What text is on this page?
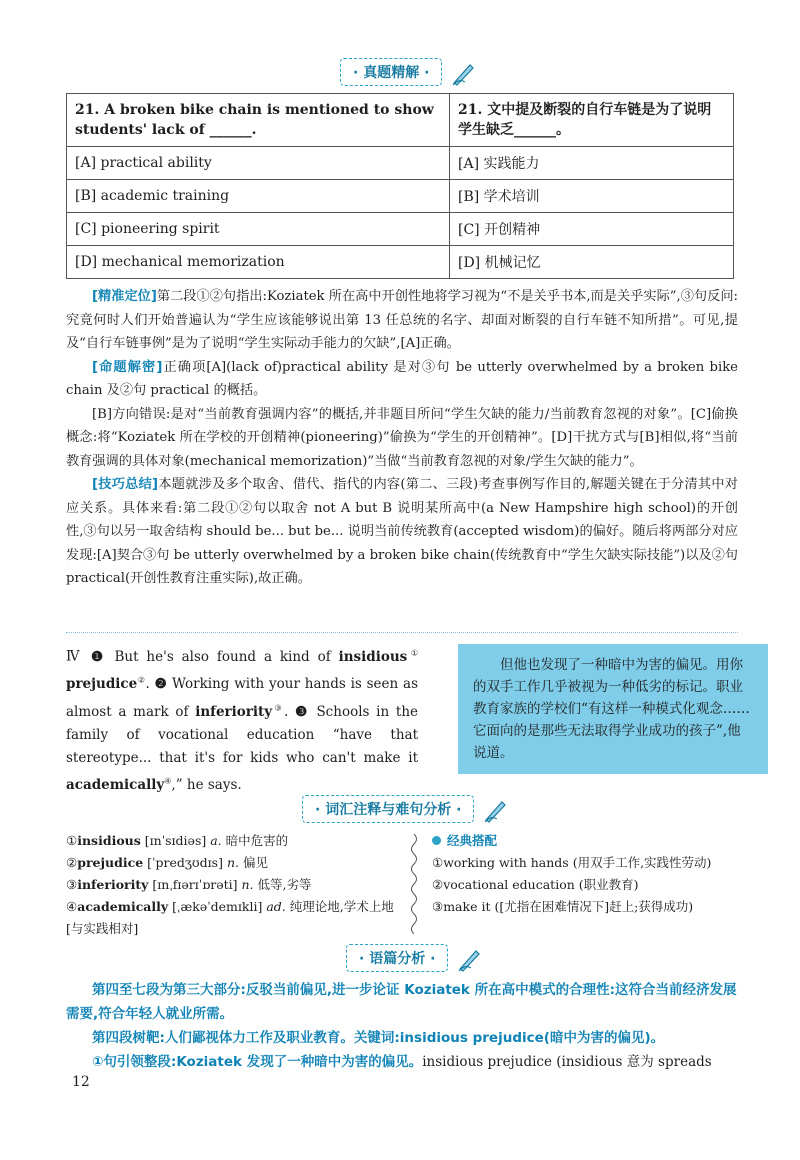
· 真题精解 ·
21. A broken bike chain is mentioned to show students' lack of ______.	21. 文中提及断裂的自行车链是为了说明学生缺乏______。
[A] practical ability	[A] 实践能力
[B] academic training	[B] 学术培训
[C] pioneering spirit	[C] 开创精神
[D] mechanical memorization	[D] 机械记忆
[精准定位]第二段①②句指出:Koziatek 所在高中开创性地将学习视为“不是关乎书本,而是关乎实际”,③句反问:究竟何时人们开始普遍认为“学生应该能够说出第 13 任总统的名字、却面对断裂的自行车链不知所措”。可见,提及“自行车链事例”是为了说明“学生实际动手能力的欠缺”,[A]正确。
[命题解密]正确项[A](lack of)practical ability 是对③句 be utterly overwhelmed by a broken bike chain 及②句 practical 的概括。
[B]方向错误:是对“当前教育强调内容”的概括,并非题目所问“学生欠缺的能力/当前教育忽视的对象”。[C]偷换概念:将“Koziatek 所在学校的开创精神(pioneering)”偷换为“学生的开创精神”。[D]干扰方式与[B]相似,将“当前教育强调的具体对象(mechanical memorization)”当做“当前教育忽视的对象/学生欠缺的能力”。
[技巧总结]本题就涉及多个取舍、借代、指代的内容(第二、三段)考查事例写作目的,解题关键在于分清其中对应关系。具体来看:第二段①②句以取舍 not A but B 说明某所高中(a New Hampshire high school)的开创性,③句以另一取舍结构 should be... but be... 说明当前传统教育(accepted wisdom)的偏好。随后将两部分对应发现:[A]契合③句 be utterly overwhelmed by a broken bike chain(传统教育中“学生欠缺实际技能”)以及②句 practical(开创性教育注重实际),故正确。
Ⅳ ❶ But he's also found a kind of insidious① prejudice②. ❷ Working with your hands is seen as almost a mark of inferiority③. ❸ Schools in the family of vocational education “have that stereotype... that it's for kids who can't make it academically④,” he says.
但他也发现了一种暗中为害的偏见。用你的双手工作几乎被视为一种低劣的标记。职业教育家族的学校们“有这样一种模式化观念……它面向的是那些无法取得学业成功的孩子”,他说道。
· 词汇注释与难句分析 ·
①insidious [ɪnˈsɪdiəs] a. 暗中危害的
②prejudice [ˈpredʒʊdɪs] n. 偏见
③inferiority [ɪnˌfɪərɪˈɒrəti] n. 低等,劣等
④academically [ˌækəˈdemɪkli] ad. 纯理论地,学术上地[与实践相对]
经典搭配
①working with hands (用双手工作,实践性劳动)
②vocational education (职业教育)
③make it ([尤指在困难情况下]赶上;获得成功)
· 语篇分析 ·
第四至七段为第三大部分:反驳当前偏见,进一步论证 Koziatek 所在高中模式的合理性:这符合当前经济发展需要,符合年轻人就业所需。
第四段树靶:人们鄙视体力工作及职业教育。关键词:insidious prejudice(暗中为害的偏见)。
①句引领整段:Koziatek 发现了一种暗中为害的偏见。insidious prejudice (insidious 意为 spreads
12
